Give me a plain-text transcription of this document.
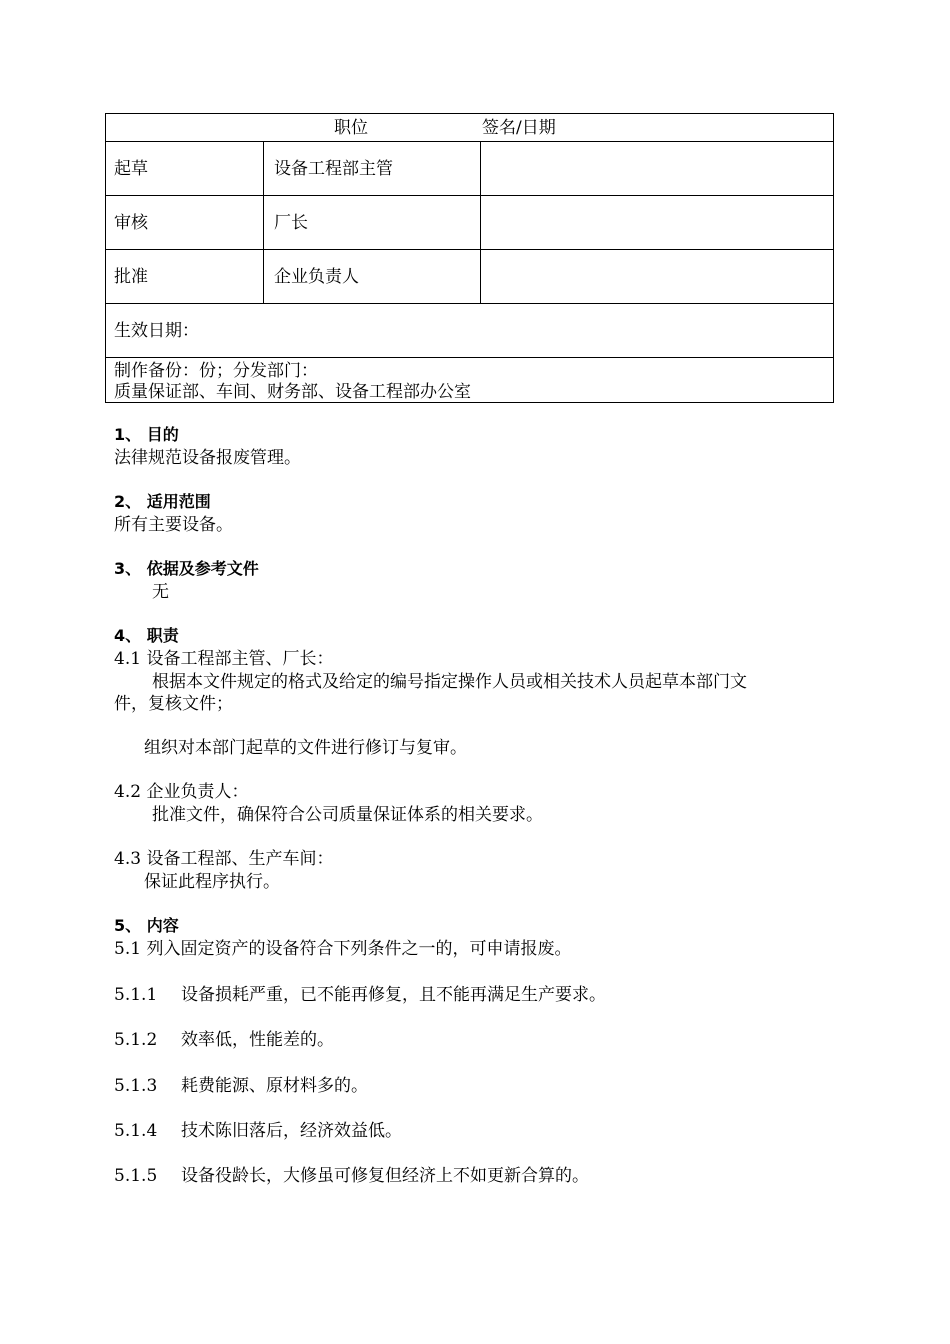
职位	签名/日期
起草	设备工程部主管
审核	厂长
批准	企业负责人
生效日期：
制作备份：份；分发部门：
质量保证部、车间、财务部、设备工程部办公室
1、 目的
法律规范设备报废管理。
2、 适用范围
所有主要设备。
3、 依据及参考文件
无
4、 职责
4.1 设备工程部主管、厂长：
根据本文件规定的格式及给定的编号指定操作人员或相关技术人员起草本部门文
件，复核文件；
组织对本部门起草的文件进行修订与复审。
4.2 企业负责人：
批准文件，确保符合公司质量保证体系的相关要求。
4.3 设备工程部、生产车间：
保证此程序执行。
5、 内容
5.1 列入固定资产的设备符合下列条件之一的，可申请报废。
5.1.1 设备损耗严重，已不能再修复，且不能再满足生产要求。
5.1.2 效率低，性能差的。
5.1.3 耗费能源、原材料多的。
5.1.4 技术陈旧落后，经济效益低。
5.1.5 设备役龄长，大修虽可修复但经济上不如更新合算的。
